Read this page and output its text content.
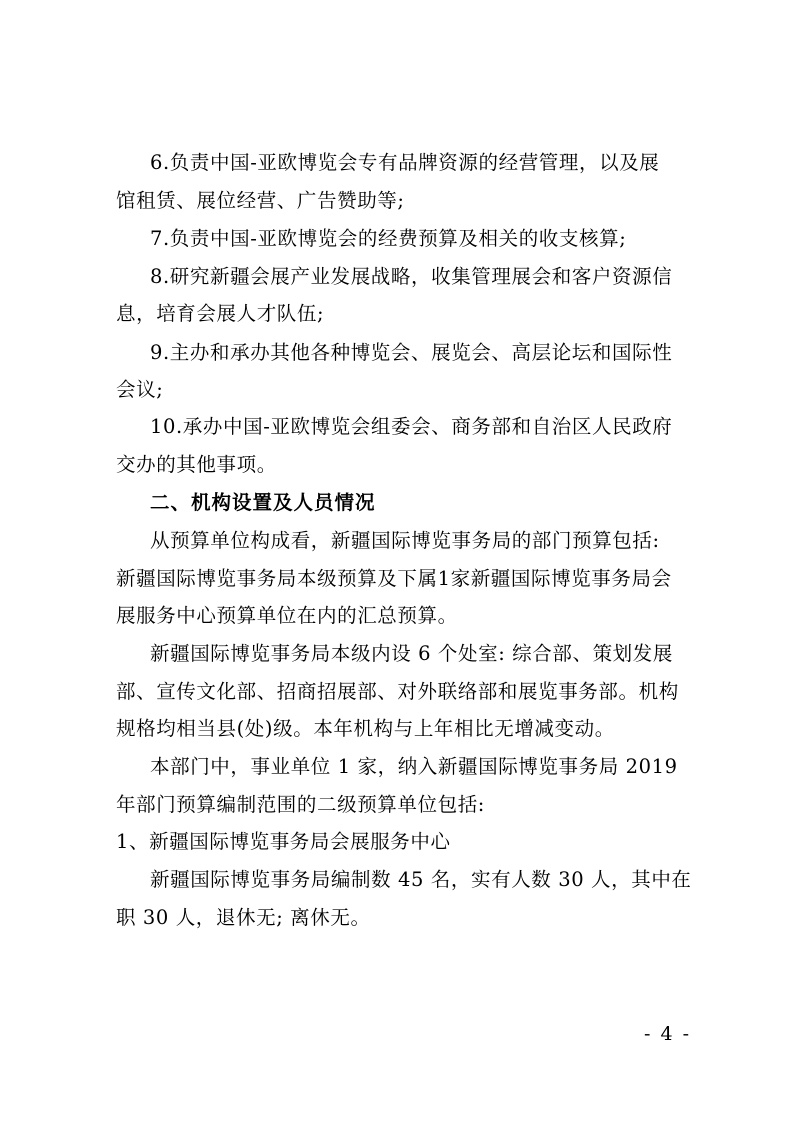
6.负责中国-亚欧博览会专有品牌资源的经营管理，以及展
馆租赁、展位经营、广告赞助等;
7.负责中国-亚欧博览会的经费预算及相关的收支核算;
8.研究新疆会展产业发展战略，收集管理展会和客户资源信
息，培育会展人才队伍;
9.主办和承办其他各种博览会、展览会、高层论坛和国际性
会议;
10.承办中国-亚欧博览会组委会、商务部和自治区人民政府
交办的其他事项。
二、机构设置及人员情况
从预算单位构成看，新疆国际博览事务局的部门预算包括:
新疆国际博览事务局本级预算及下属1家新疆国际博览事务局会
展服务中心预算单位在内的汇总预算。
新疆国际博览事务局本级内设 6 个处室: 综合部、策划发展
部、宣传文化部、招商招展部、对外联络部和展览事务部。机构
规格均相当县(处)级。本年机构与上年相比无增减变动。
本部门中，事业单位 1 家，纳入新疆国际博览事务局 2019
年部门预算编制范围的二级预算单位包括:
1、新疆国际博览事务局会展服务中心
新疆国际博览事务局编制数 45 名，实有人数 30 人，其中在
职 30 人，退休无; 离休无。
- 4 -
